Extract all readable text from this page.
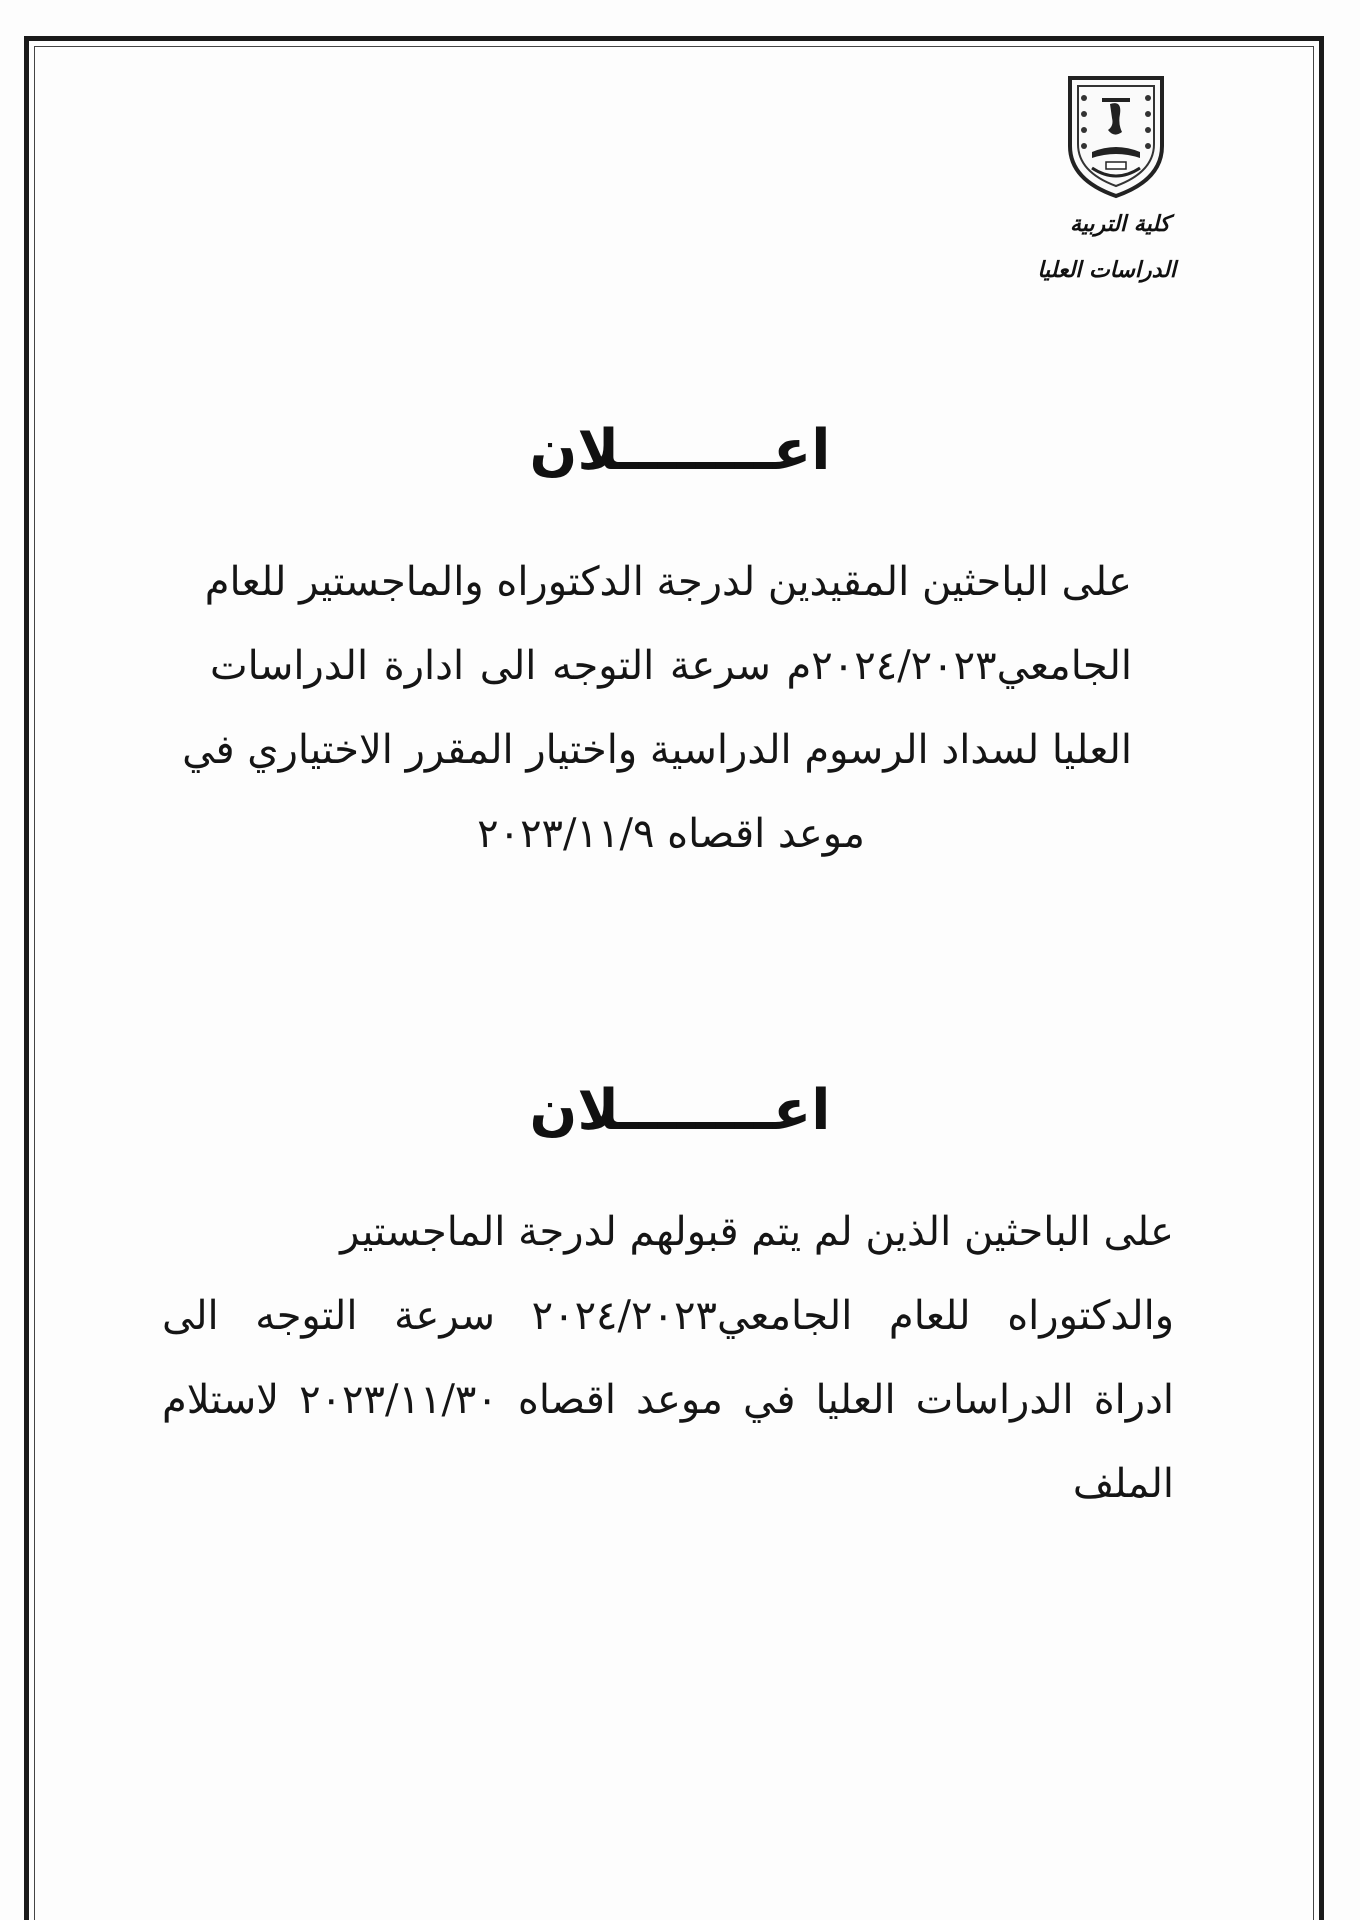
كلية التربية
الدراسات العليا
اعــــــــلان
على الباحثين المقيدين لدرجة الدكتوراه والماجستير للعام
الجامعي٢٠٢٤/٢٠٢٣م سرعة التوجه الى ادارة الدراسات
العليا لسداد الرسوم الدراسية واختيار المقرر الاختياري في
موعد اقصاه ٢٠٢٣/١١/٩
اعــــــــلان
على الباحثين الذين لم يتم قبولهم لدرجة الماجستير
والدكتوراه للعام الجامعي٢٠٢٤/٢٠٢٣ سرعة التوجه الى
ادراة الدراسات العليا في موعد اقصاه ٢٠٢٣/١١/٣٠ لاستلام
الملف
